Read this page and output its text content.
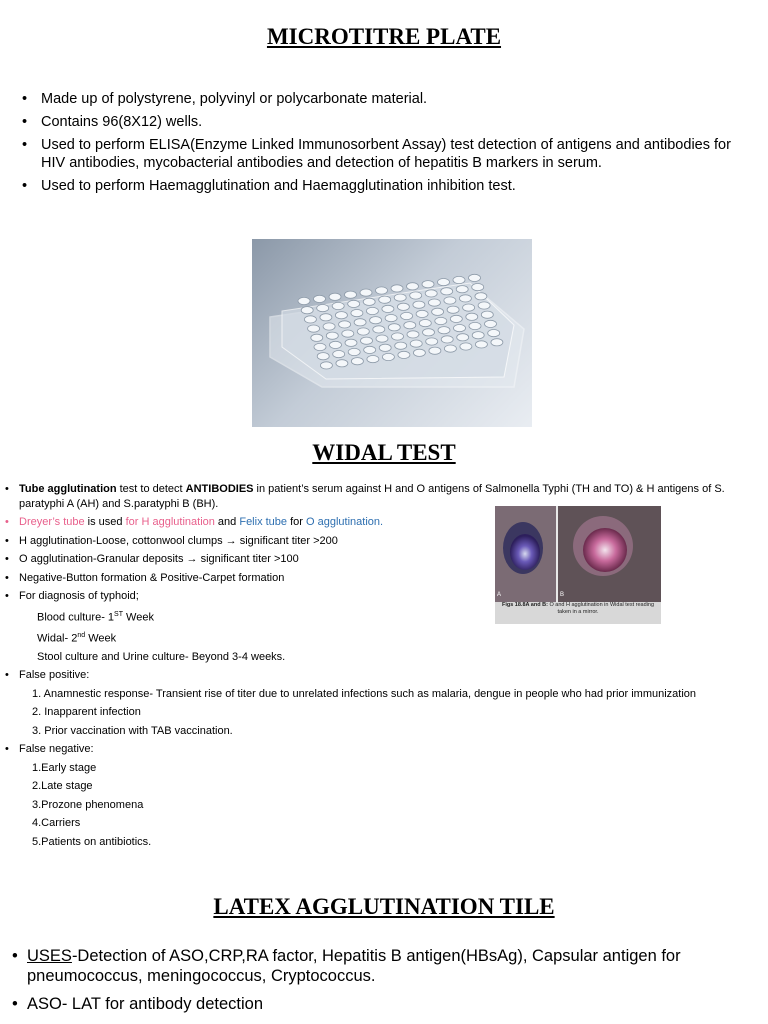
MICROTITRE PLATE
• Made up of polystyrene, polyvinyl or polycarbonate material.
• Contains 96(8X12) wells.
• Used to perform ELISA(Enzyme Linked Immunosorbent Assay) test detection of antigens and antibodies for HIV antibodies, mycobacterial antibodies and detection of hepatitis B markers in serum.
• Used to perform Haemagglutination and Haemagglutination inhibition test.
WIDAL TEST
• Tube agglutination test to detect ANTIBODIES in patient’s serum against H and O antigens of Salmonella Typhi (TH and TO) & H antigens of S. paratyphi A (AH) and S.paratyphi B (BH).
• Dreyer’s tube is used for H agglutination and Felix tube for O agglutination.
• H agglutination-Loose, cottonwool clumps → significant titer >200
• O agglutination-Granular deposits → significant titer >100
• Negative-Button formation & Positive-Carpet formation
• For diagnosis of typhoid;
Blood culture- 1ST Week
Widal- 2nd Week
Stool culture and Urine culture- Beyond 3-4 weeks.
• False positive:
1. Anamnestic response- Transient rise of titer due to unrelated infections such as malaria, dengue in people who had prior immunization
2. Inapparent infection
3. Prior vaccination with TAB vaccination.
• False negative:
1.Early stage
2.Late stage
3.Prozone phenomena
4.Carriers
5.Patients on antibiotics.
A	B
Figs 18.8A and B: O and H agglutination in Widal test reading taken in a mirror.
LATEX AGGLUTINATION TILE
• USES-Detection of ASO,CRP,RA factor, Hepatitis B antigen(HBsAg), Capsular antigen for pneumococcus, meningococcus, Cryptococcus.
• ASO- LAT for antibody detection
